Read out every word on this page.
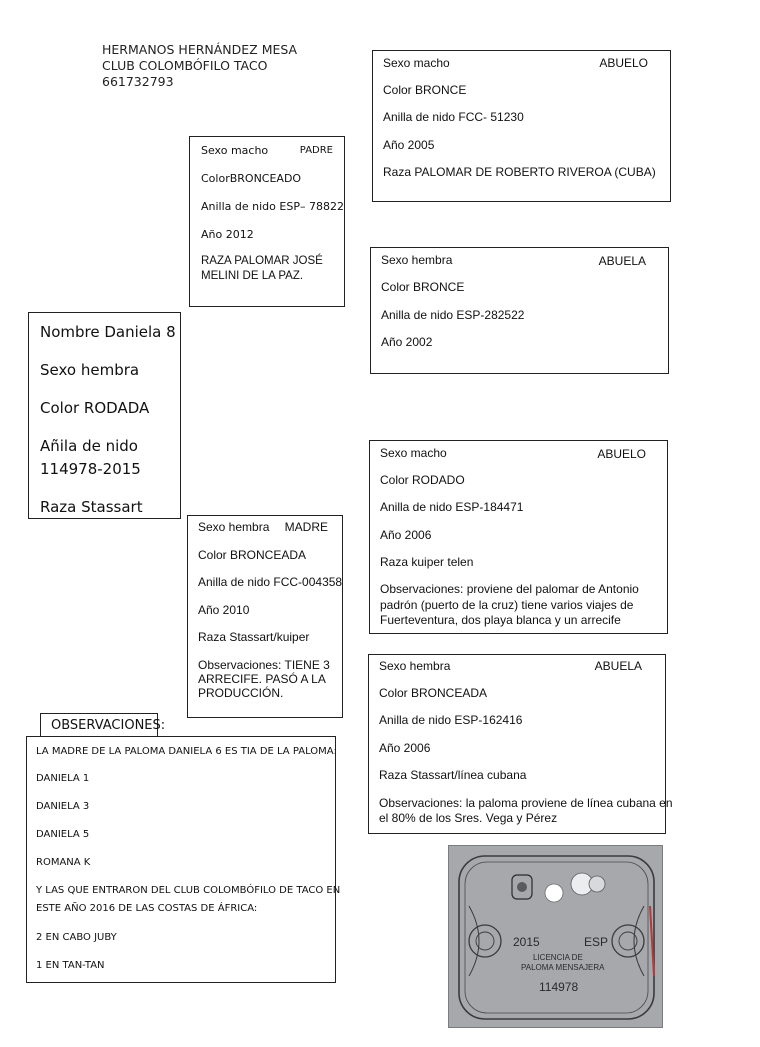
HERMANOS HERNÁNDEZ MESA
CLUB COLOMBÓFILO TACO
661732793
Nombre Daniela 8
Sexo hembra
Color RODADA
Añila de nido
114978-2015
Raza Stassart
Sexo macho	PADRE
ColorBRONCEADO
Anilla de nido ESP– 78822
Año 2012
RAZA PALOMAR JOSÉ
MELINI DE LA PAZ.
Sexo macho	ABUELO
Color BRONCE
Anilla de nido FCC- 51230
Año 2005
Raza PALOMAR DE ROBERTO RIVEROA (CUBA)
Sexo hembra	ABUELA
Color BRONCE
Anilla de nido ESP-282522
Año 2002
Sexo hembra MADRE
Color BRONCEADA
Anilla de nido FCC-004358
Año 2010
Raza Stassart/kuiper
Observaciones: TIENE 3
ARRECIFE. PASÓ A LA
PRODUCCIÓN.
Sexo macho	ABUELO
Color RODADO
Anilla de nido ESP-184471
Año 2006
Raza kuiper telen
Observaciones: proviene del palomar de Antonio
padrón (puerto de la cruz) tiene varios viajes de
Fuerteventura, dos playa blanca y un arrecife
Sexo hembra	ABUELA
Color BRONCEADA
Anilla de nido ESP-162416
Año 2006
Raza Stassart/línea cubana
Observaciones: la paloma proviene de línea cubana en
el 80% de los Sres. Vega y Pérez
OBSERVACIONES:
LA MADRE DE LA PALOMA DANIELA 6 ES TIA DE LA PALOMA:
DANIELA 1
DANIELA 3
DANIELA 5
ROMANA K
Y LAS QUE ENTRARON DEL CLUB COLOMBÓFILO DE TACO EN
ESTE AÑO 2016 DE LAS COSTAS DE ÁFRICA:
2 EN CABO JUBY
1 EN TAN-TAN
2015	ESP
LICENCIA DE
PALOMA MENSAJERA
114978
